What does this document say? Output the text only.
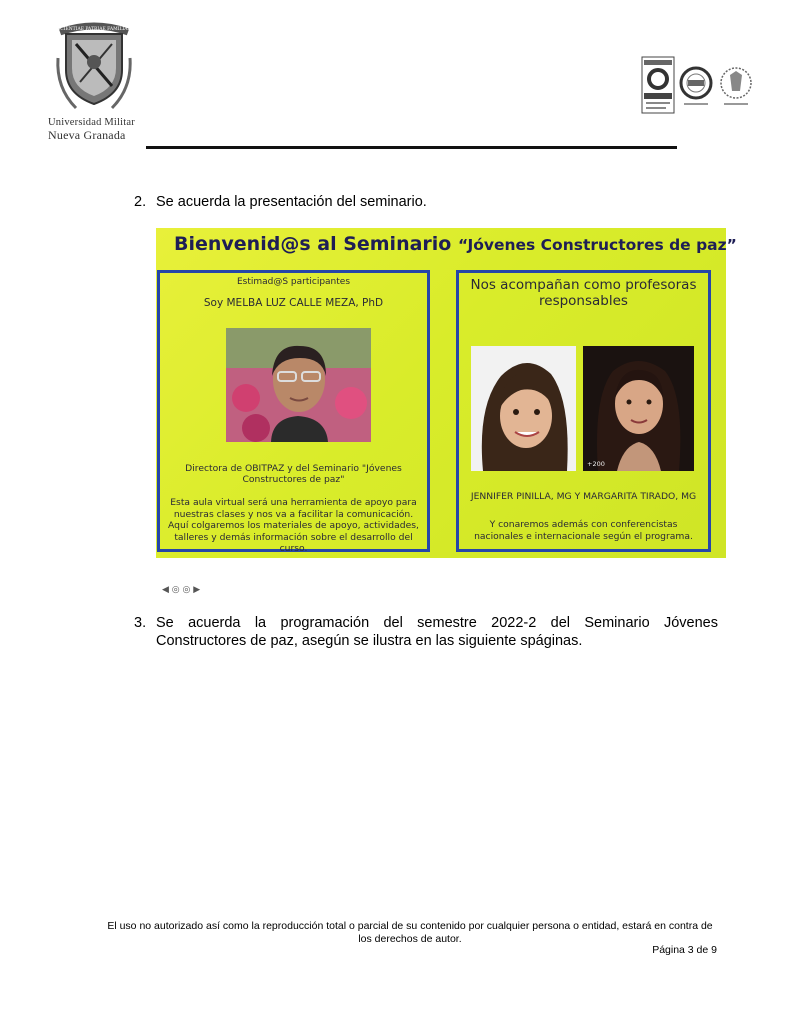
SCIENTIAE PATRIAE FAMILIAE
Universidad Militar
Nueva Granada
2. Se acuerda la presentación del seminario.
Bienvenid@s al Seminario “Jóvenes Constructores de paz”
Estimad@S participantes
Soy MELBA LUZ CALLE MEZA, PhD
Directora de OBITPAZ y del Seminario "Jóvenes Constructores de paz"
Esta aula virtual será una herramienta de apoyo para nuestras clases y nos va a facilitar la comunicación. Aquí colgaremos los materiales de apoyo, actividades, talleres y demás información sobre el desarrollo del curso.
◀ ◎ ◎ ▶
Nos acompañan como profesoras responsables
+200
JENNIFER PINILLA, MG Y MARGARITA TIRADO, MG
Y conaremos además con conferencistas nacionales e internacionale según el programa.
3. Se acuerda la programación del semestre 2022-2 del Seminario Jóvenes Constructores de paz, asegún se ilustra en las siguiente spáginas.
El uso no autorizado así como la reproducción total o parcial de su contenido por cualquier persona o entidad, estará en contra de los derechos de autor.
Página 3 de 9
